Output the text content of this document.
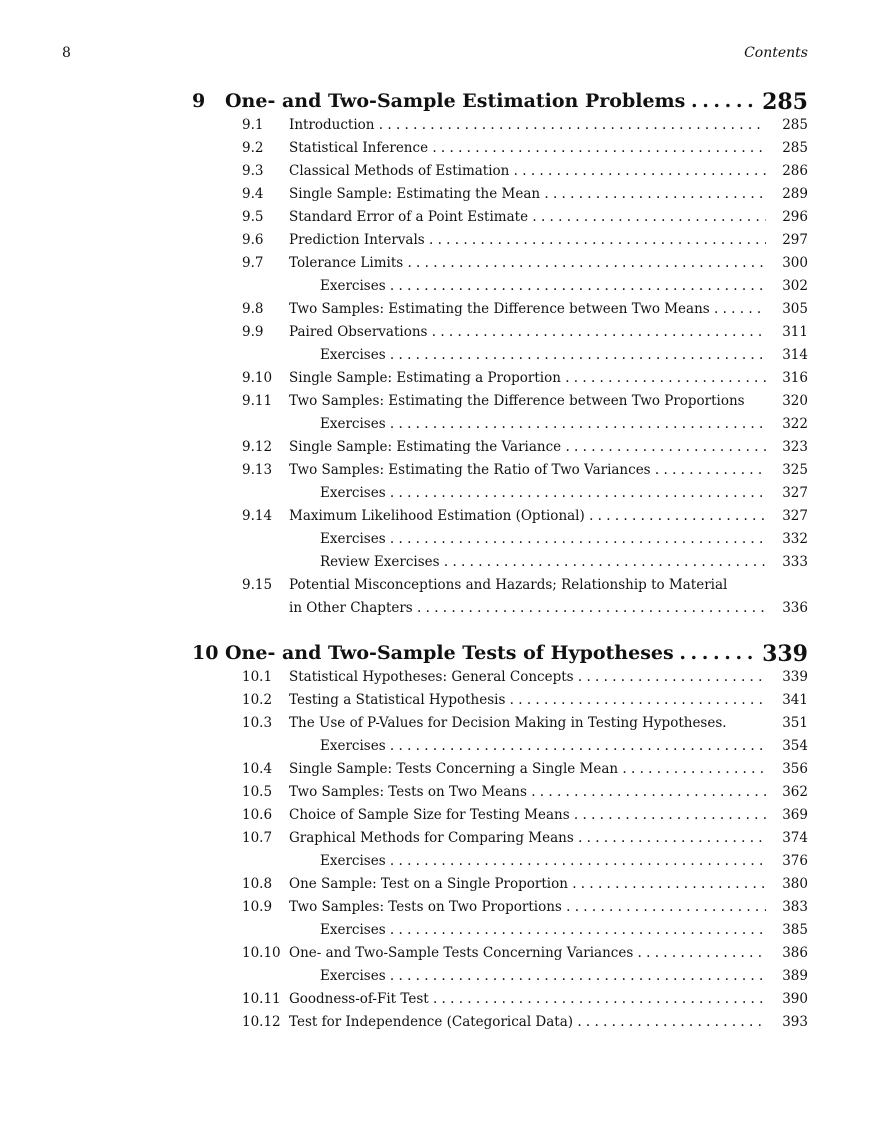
8	Contents
9 One- and Two-Sample Estimation Problems . . .	285
9.1 Introduction . . .	285
9.2 Statistical Inference . . .	285
9.3 Classical Methods of Estimation . . .	286
9.4 Single Sample: Estimating the Mean . . .	289
9.5 Standard Error of a Point Estimate . . .	296
9.6 Prediction Intervals . . .	297
9.7 Tolerance Limits . . .	300
Exercises . . .	302
9.8 Two Samples: Estimating the Difference between Two Means . . .	305
9.9 Paired Observations . . .	311
Exercises . . .	314
9.10 Single Sample: Estimating a Proportion . . .	316
9.11 Two Samples: Estimating the Difference between Two Proportions	320
Exercises . . .	322
9.12 Single Sample: Estimating the Variance . . .	323
9.13 Two Samples: Estimating the Ratio of Two Variances . . .	325
Exercises . . .	327
9.14 Maximum Likelihood Estimation (Optional) . . .	327
Exercises . . .	332
Review Exercises . . .	333
9.15 Potential Misconceptions and Hazards; Relationship to Material
in Other Chapters . . .	336
10 One- and Two-Sample Tests of Hypotheses . . .	339
10.1 Statistical Hypotheses: General Concepts . . .	339
10.2 Testing a Statistical Hypothesis . . .	341
10.3 The Use of P-Values for Decision Making in Testing Hypotheses.	351
Exercises . . .	354
10.4 Single Sample: Tests Concerning a Single Mean . . .	356
10.5 Two Samples: Tests on Two Means . . .	362
10.6 Choice of Sample Size for Testing Means . . .	369
10.7 Graphical Methods for Comparing Means . . .	374
Exercises . . .	376
10.8 One Sample: Test on a Single Proportion . . .	380
10.9 Two Samples: Tests on Two Proportions . . .	383
Exercises . . .	385
10.10 One- and Two-Sample Tests Concerning Variances . . .	386
Exercises . . .	389
10.11 Goodness-of-Fit Test . . .	390
10.12 Test for Independence (Categorical Data) . . .	393
